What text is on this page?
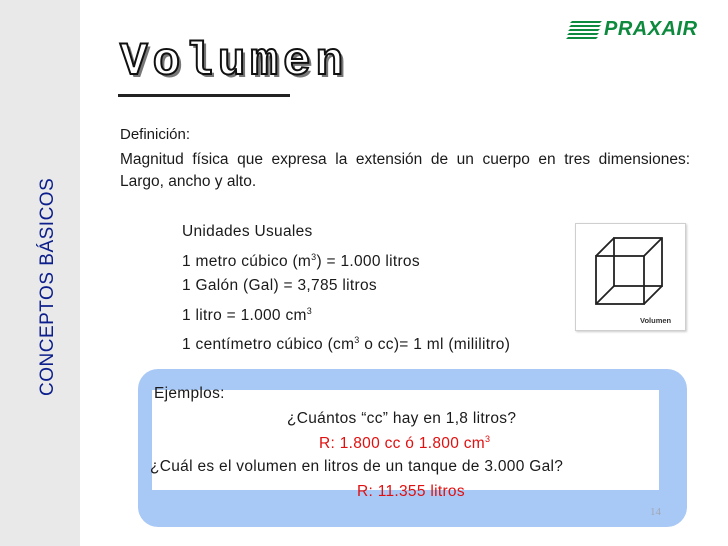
CONCEPTOS BÁSICOS
PRAXAIR
Volumen
Definición:
Magnitud física que expresa la extensión de un cuerpo en tres dimensiones: Largo, ancho y alto.
Unidades Usuales
1 metro cúbico $(m^3) = 1.000$ litros
1 Galón (Gal) = 3,785 litros
1 litro = 1.000 $cm^3$
1 centímetro cúbico ($cm^3$ o cc)= 1 ml (mililitro)
Volumen
Ejemplos:
¿Cuántos “cc” hay en 1,8 litros?
R: 1.800 cc ó 1.800 $cm^3$
¿Cuál es el volumen en litros de un tanque de 3.000 Gal?
R: 11.355 litros
14
